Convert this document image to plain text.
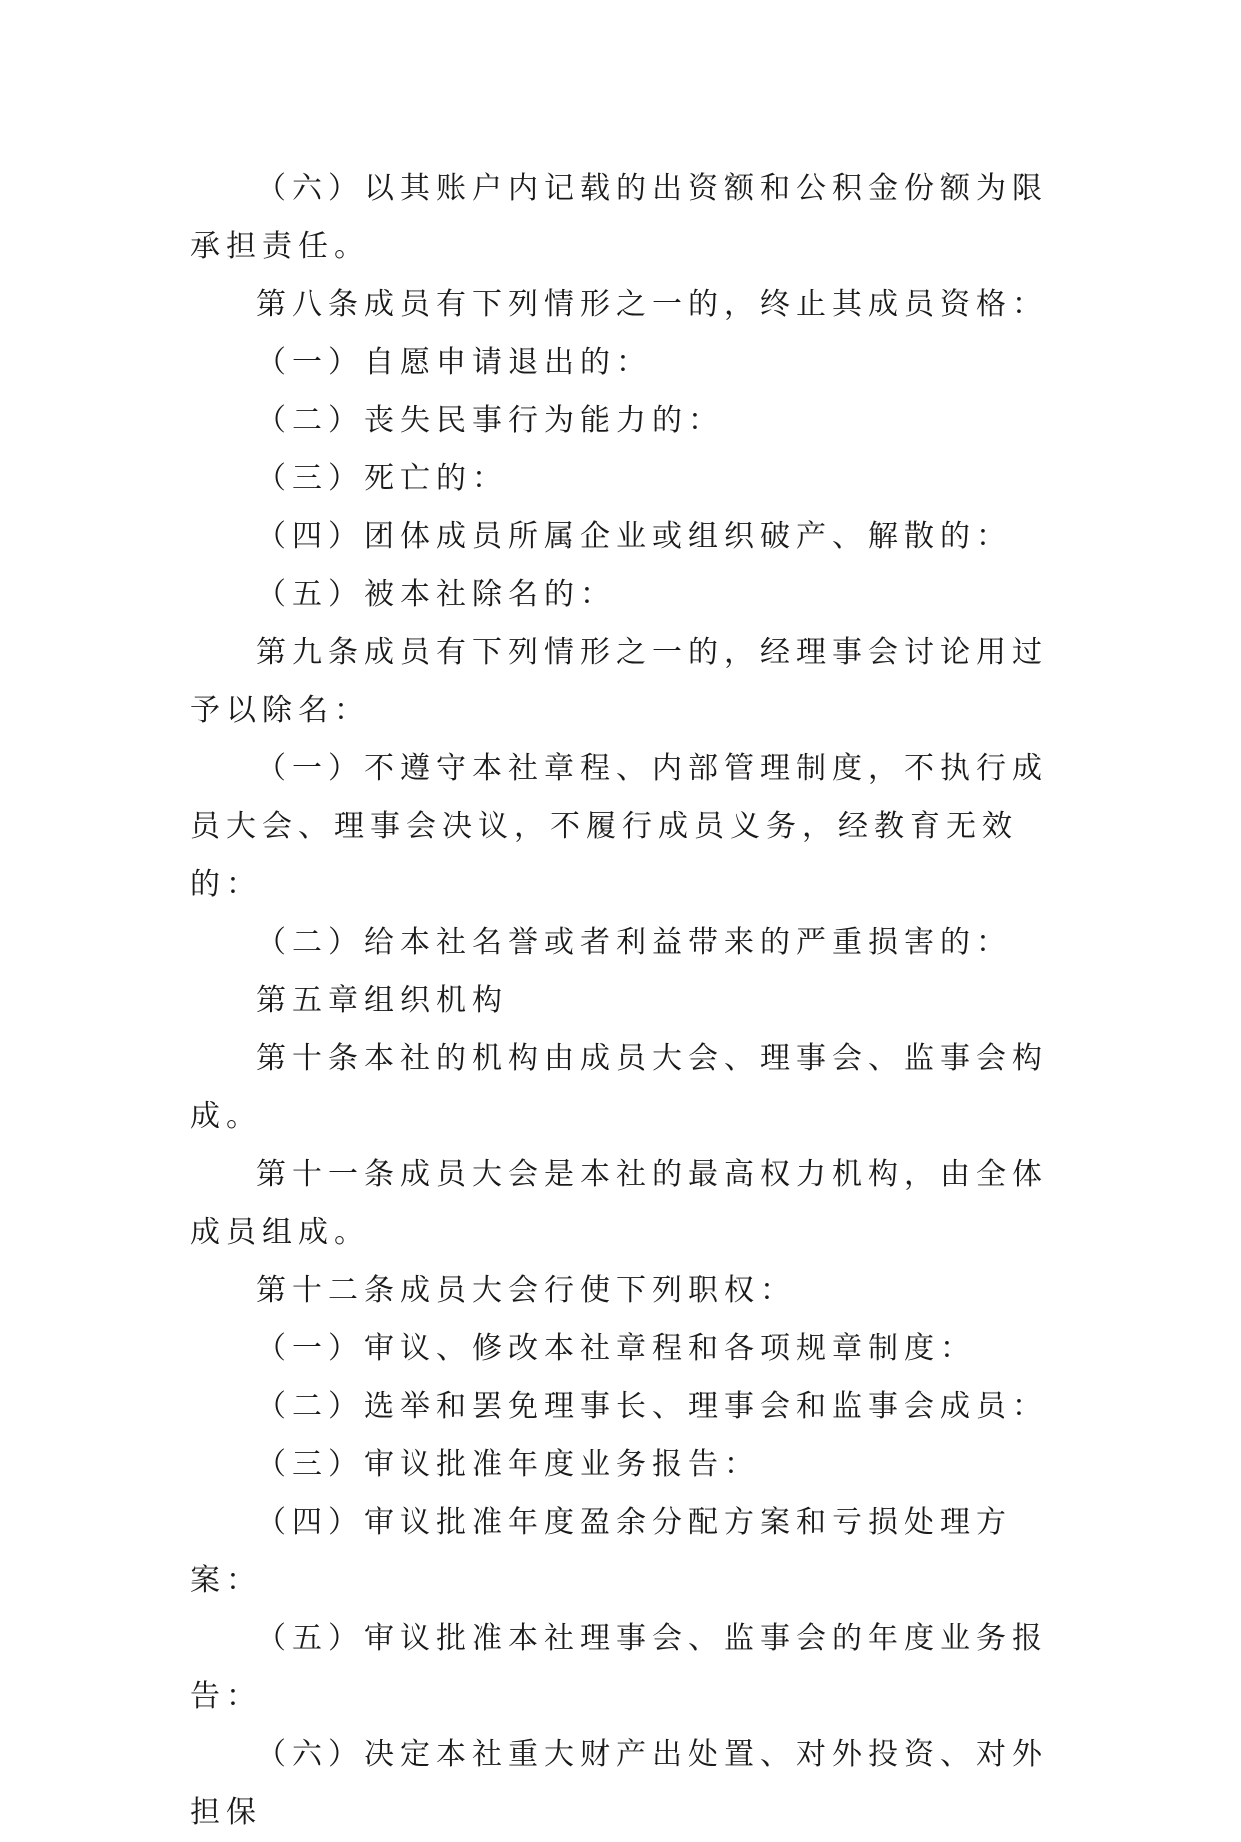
（六）以其账户内记载的出资额和公积金份额为限承担责任。

第八条成员有下列情形之一的，终止其成员资格：

（一）自愿申请退出的：

（二）丧失民事行为能力的：

（三）死亡的：

（四）团体成员所属企业或组织破产、解散的：

（五）被本社除名的：

第九条成员有下列情形之一的，经理事会讨论用过予以除名：

（一）不遵守本社章程、内部管理制度，不执行成员大会、理事会决议，不履行成员义务，经教育无效的：

（二）给本社名誉或者利益带来的严重损害的：

第五章组织机构

第十条本社的机构由成员大会、理事会、监事会构成。

第十一条成员大会是本社的最高权力机构，由全体成员组成。

第十二条成员大会行使下列职权：

（一）审议、修改本社章程和各项规章制度：

（二）选举和罢免理事长、理事会和监事会成员：

（三）审议批准年度业务报告：

（四）审议批准年度盈余分配方案和亏损处理方案：

（五）审议批准本社理事会、监事会的年度业务报告：

（六）决定本社重大财产出处置、对外投资、对外担保
